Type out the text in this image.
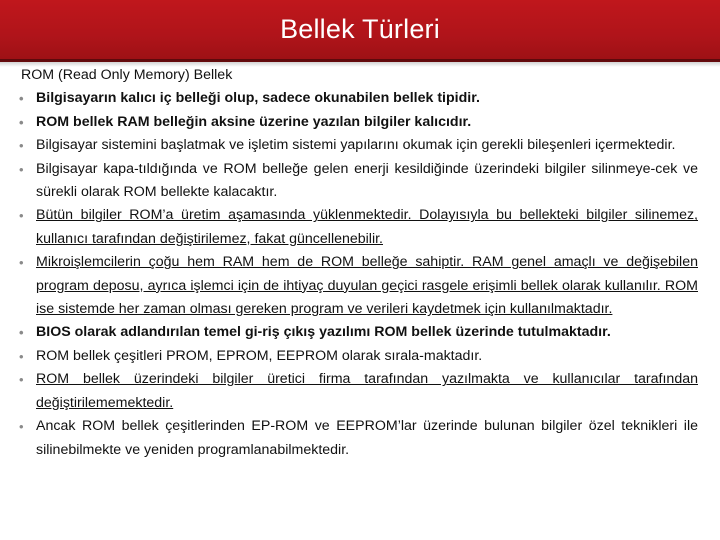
Bellek Türleri
ROM (Read Only Memory) Bellek
• Bilgisayarın kalıcı iç belleği olup, sadece okunabilen bellek tipidir.
• ROM bellek RAM belleğin aksine üzerine yazılan bilgiler kalıcıdır.
• Bilgisayar sistemini başlatmak ve işletim sistemi yapılarını okumak için gerekli bileşenleri içermektedir.
• Bilgisayar kapa-tıldığında ve ROM belleğe gelen enerji kesildiğinde üzerindeki bilgiler silinmeye-cek ve sürekli olarak ROM bellekte kalacaktır.
• Bütün bilgiler ROM’a üretim aşamasında yüklenmektedir. Dolayısıyla bu bellekteki bilgiler silinemez, kullanıcı tarafından değiştirilemez, fakat güncellenebilir.
• Mikroişlemcilerin çoğu hem RAM hem de ROM belleğe sahiptir. RAM genel amaçlı ve değişebilen program deposu, ayrıca işlemci için de ihtiyaç duyulan geçici rasgele erişimli bellek olarak kullanılır. ROM ise sistemde her zaman olması gereken program ve verileri kaydetmek için kullanılmaktadır.
• BIOS olarak adlandırılan temel gi-riş çıkış yazılımı ROM bellek üzerinde tutulmaktadır.
• ROM bellek çeşitleri PROM, EPROM, EEPROM olarak sırala-maktadır.
• ROM bellek üzerindeki bilgiler üretici firma tarafından yazılmakta ve kullanıcılar tarafından değiştirilememektedir.
• Ancak ROM bellek çeşitlerinden EP-ROM ve EEPROM’lar üzerinde bulunan bilgiler özel teknikleri ile silinebilmekte ve yeniden programlanabilmektedir.
